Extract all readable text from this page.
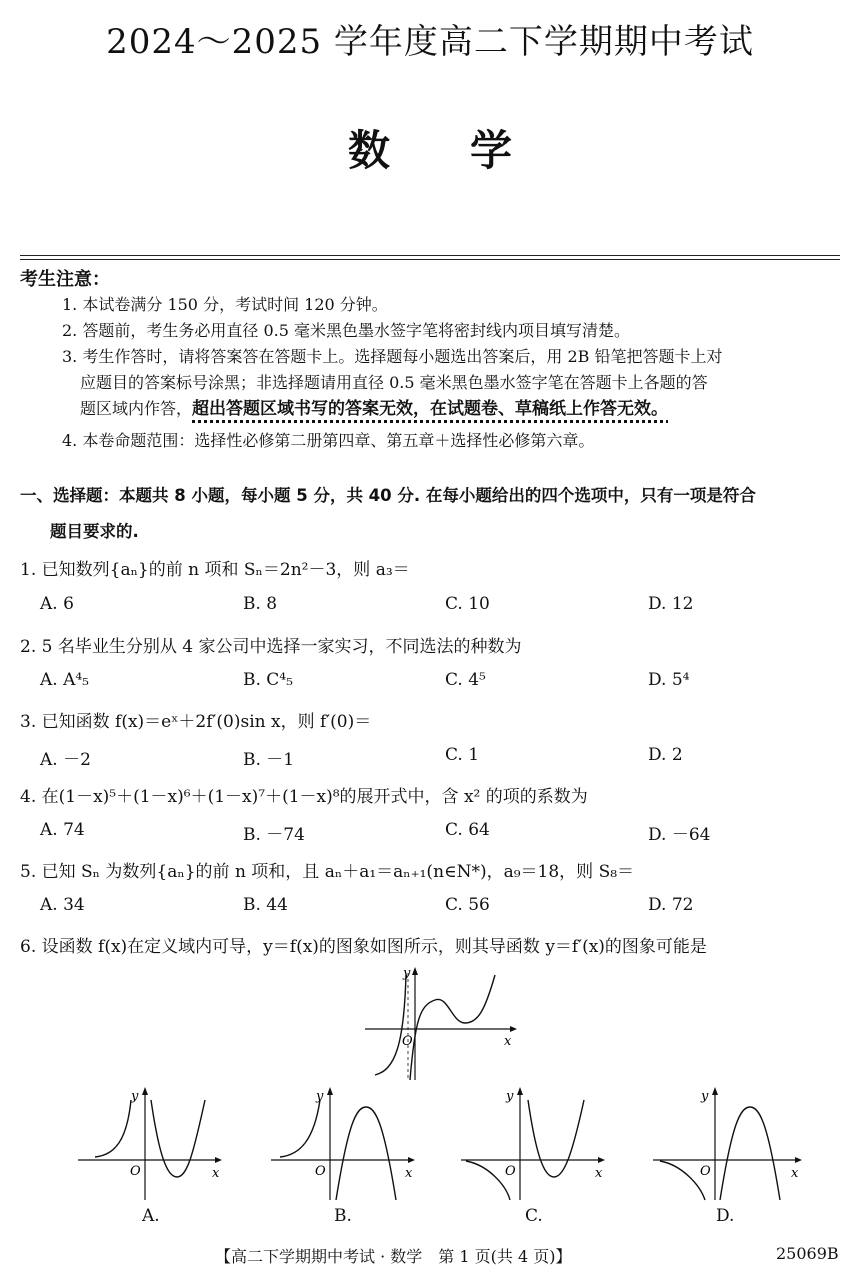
2024～2025 学年度高二下学期期中考试
数学
考生注意：
1. 本试卷满分 150 分，考试时间 120 分钟。
2. 答题前，考生务必用直径 0.5 毫米黑色墨水签字笔将密封线内项目填写清楚。
3. 考生作答时，请将答案答在答题卡上。选择题每小题选出答案后，用 2B 铅笔把答题卡上对
应题目的答案标号涂黑；非选择题请用直径 0.5 毫米黑色墨水签字笔在答题卡上各题的答
题区域内作答，超出答题区域书写的答案无效，在试题卷、草稿纸上作答无效。
4. 本卷命题范围：选择性必修第二册第四章、第五章＋选择性必修第六章。
一、选择题：本题共 8 小题，每小题 5 分，共 40 分. 在每小题给出的四个选项中，只有一项是符合
题目要求的.
1. 已知数列{aₙ}的前 n 项和 Sₙ＝2n²－3，则 a₃＝
A. 6	B. 8	C. 10	D. 12
2. 5 名毕业生分别从 4 家公司中选择一家实习，不同选法的种数为
A. A⁴₅	B. C⁴₅	C. 4⁵	D. 5⁴
3. 已知函数 f(x)＝eˣ＋2f′(0)sin x，则 f′(0)＝
A. －2	B. －1	C. 1	D. 2
4. 在(1－x)⁵＋(1－x)⁶＋(1－x)⁷＋(1－x)⁸的展开式中，含 x² 的项的系数为
A. 74	B. －74	C. 64	D. －64
5. 已知 Sₙ 为数列{aₙ}的前 n 项和，且 aₙ＋a₁＝aₙ₊₁(n∈N*)，a₉＝18，则 S₈＝
A. 34	B. 44	C. 56	D. 72
6. 设函数 f(x)在定义域内可导，y＝f(x)的图象如图所示，则其导函数 y＝f′(x)的图象可能是
O	x
y
O	x
y
A.
O	x
y
B.
O	x
y
C.
O	x
y
D.
【高二下学期期中考试 · 数学　第 1 页(共 4 页)】	25069B
